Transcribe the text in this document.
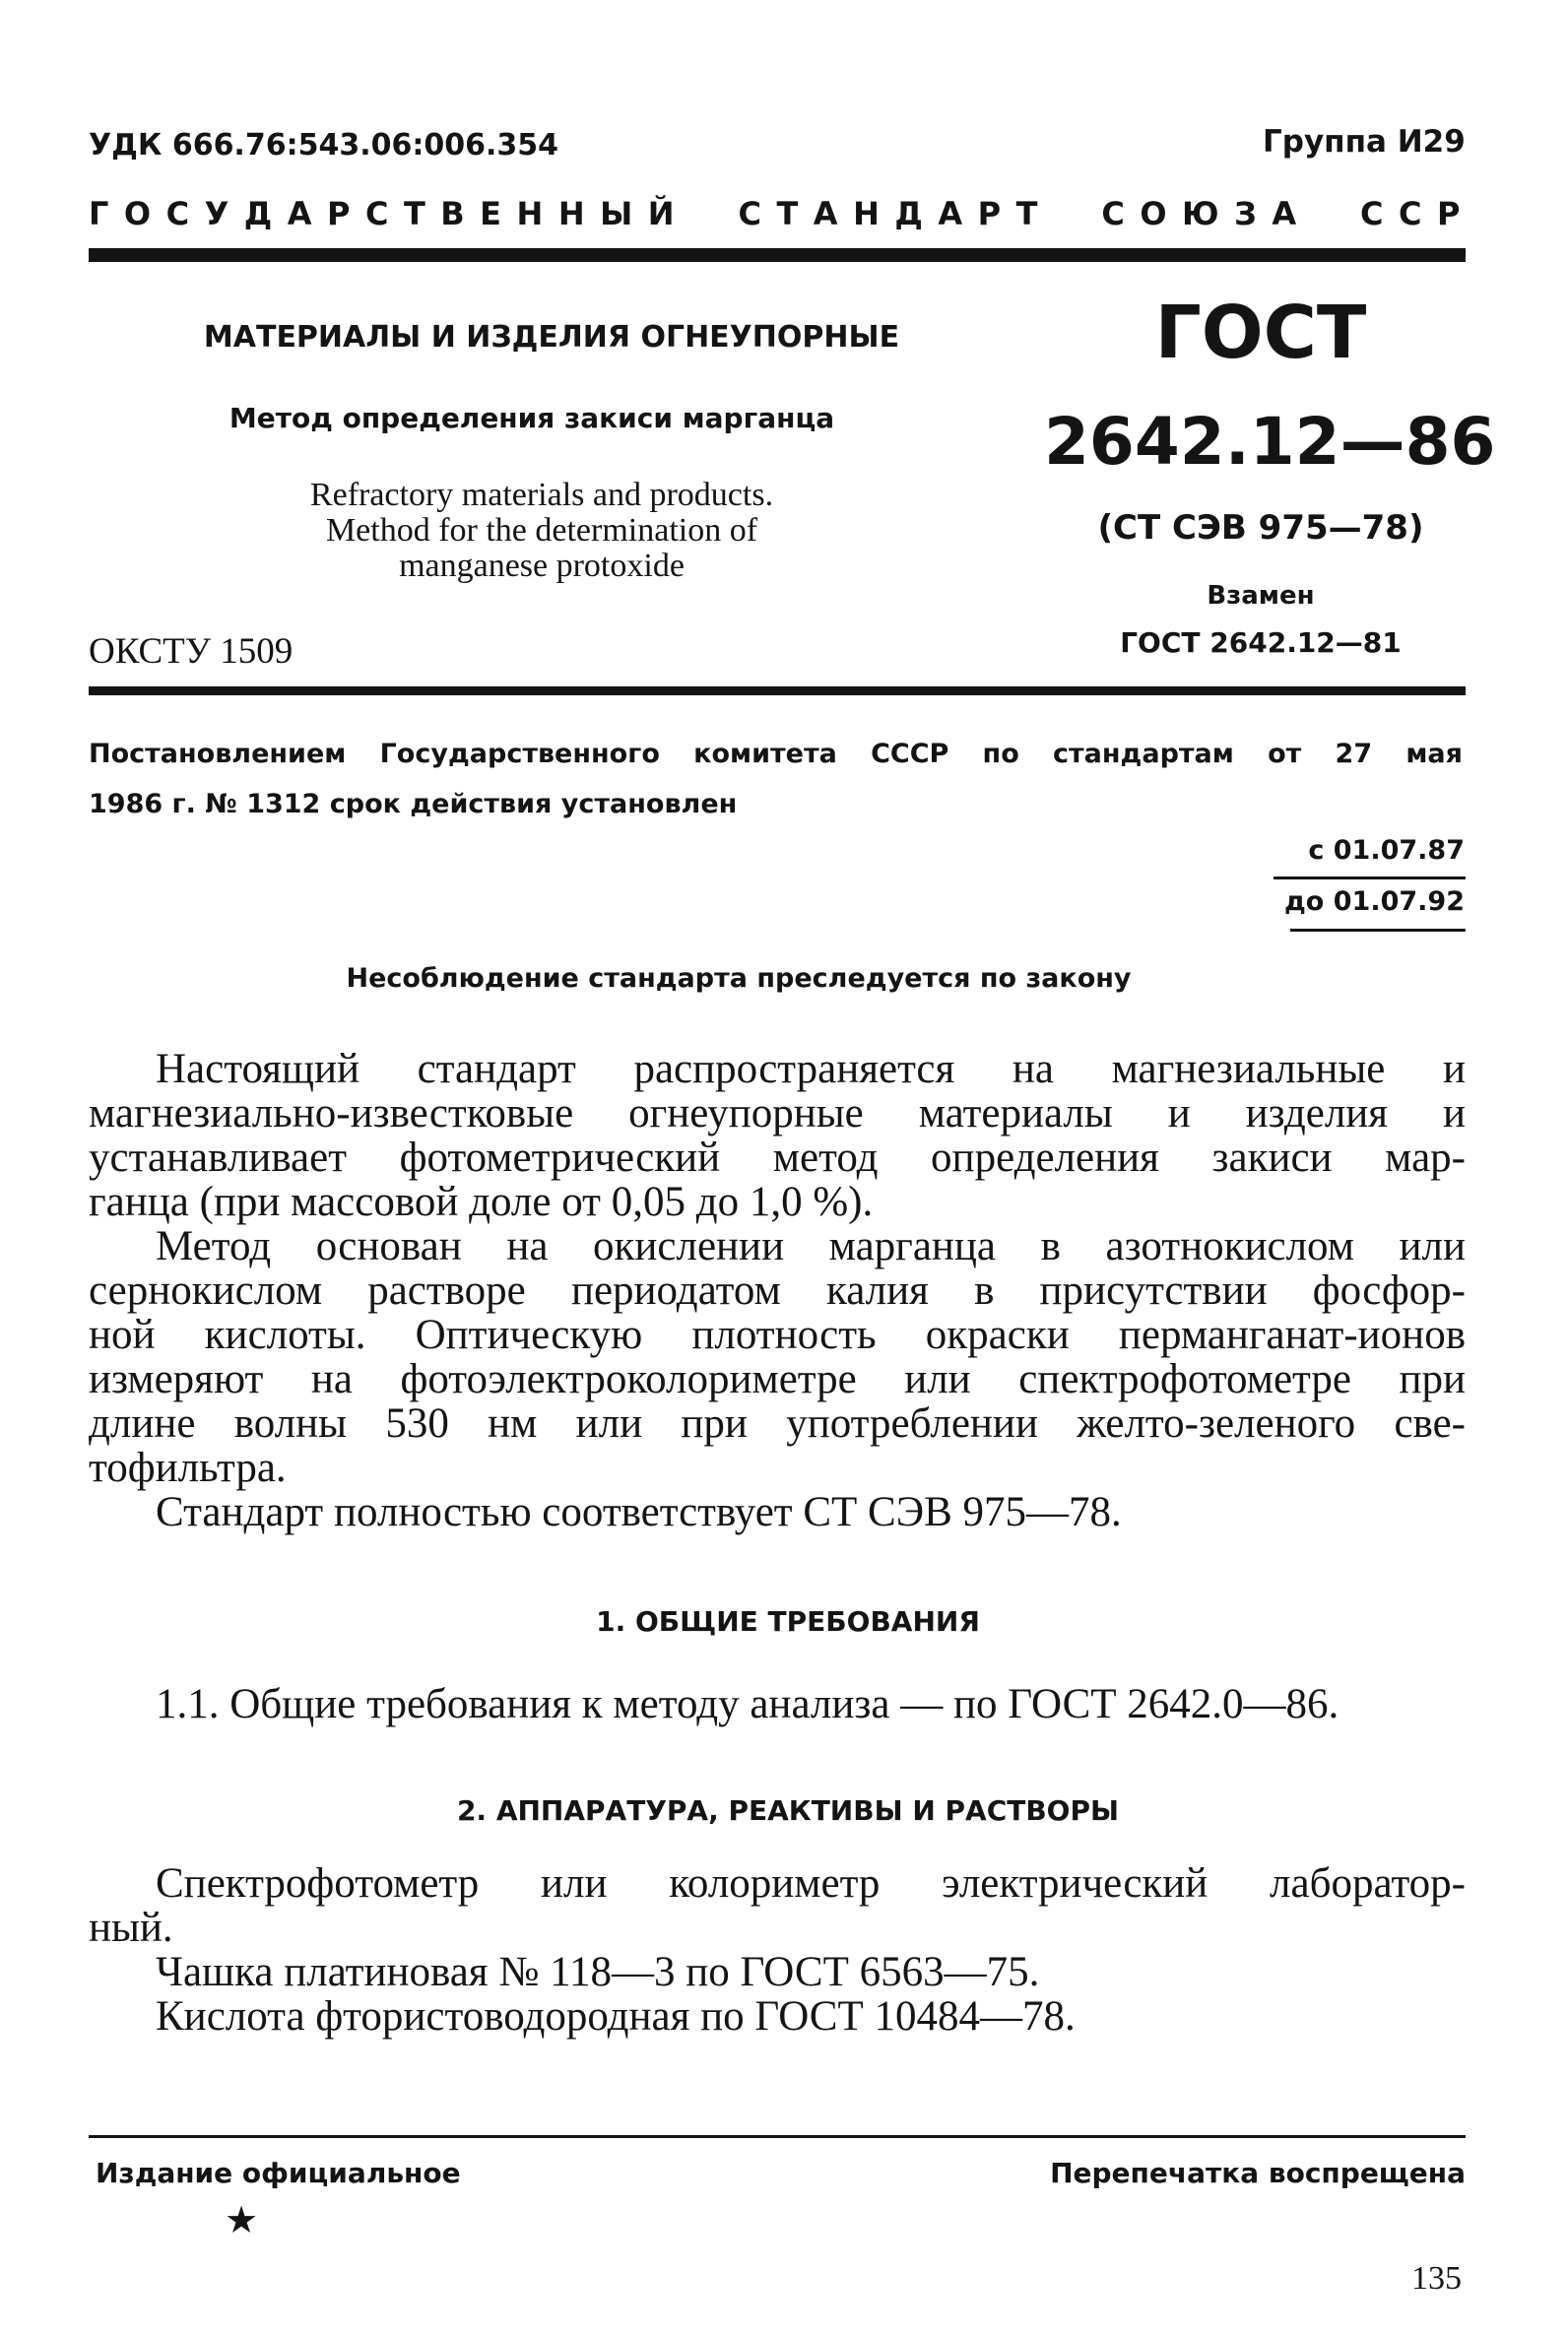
УДК 666.76:543.06:006.354	Группа И29
ГОСУДАРСТВЕННЫЙ СТАНДАРТ СОЮЗА ССР
МАТЕРИАЛЫ И ИЗДЕЛИЯ ОГНЕУПОРНЫЕ
Метод определения закиси марганца
Refractory materials and products.
Method for the determination of
manganese protoxide
ОКСТУ 1509
ГОСТ
2642.12—86
(СТ СЭВ 975—78)
Взамен
ГОСТ 2642.12—81
Постановлением Государственного комитета СССР по стандартам от 27 мая
1986 г. № 1312 срок действия установлен
с 01.07.87
до 01.07.92
Несоблюдение стандарта преследуется по закону
Настоящий стандарт распространяется на магнезиальные и
магнезиально-известковые огнеупорные материалы и изделия и
устанавливает фотометрический метод определения закиси мар-
ганца (при массовой доле от 0,05 до 1,0 %).
Метод основан на окислении марганца в азотнокислом или
сернокислом растворе периодатом калия в присутствии фосфор-
ной кислоты. Оптическую плотность окраски перманганат-ионов
измеряют на фотоэлектроколориметре или спектрофотометре при
длине волны 530 нм или при употреблении желто-зеленого све-
тофильтра.
Стандарт полностью соответствует СТ СЭВ 975—78.
1. ОБЩИЕ ТРЕБОВАНИЯ
1.1. Общие требования к методу анализа — по ГОСТ 2642.0—86.
2. АППАРАТУРА, РЕАКТИВЫ И РАСТВОРЫ
Спектрофотометр или колориметр электрический лаборатор-
ный.
Чашка платиновая № 118—3 по ГОСТ 6563—75.
Кислота фтористоводородная по ГОСТ 10484—78.
Издание официальное	Перепечатка воспрещена
★
135
